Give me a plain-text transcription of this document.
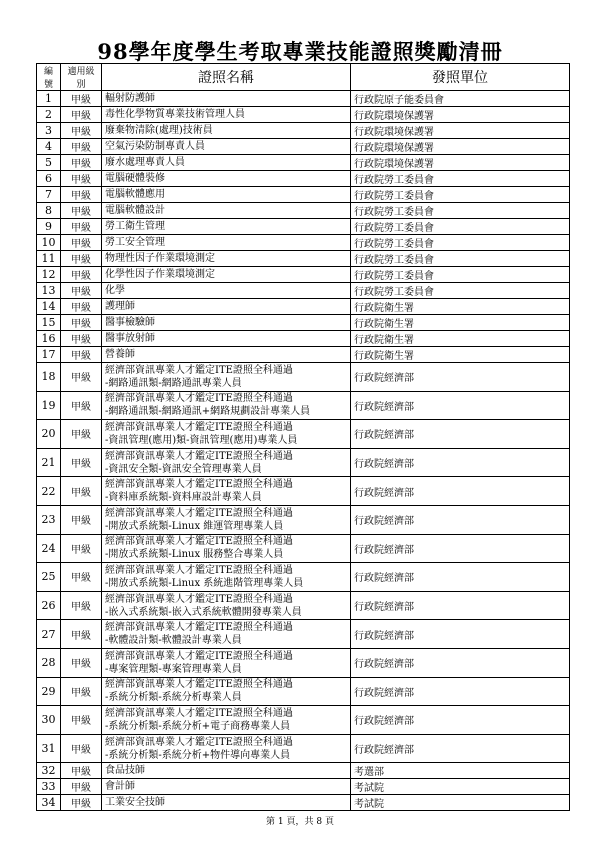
98學年度學生考取專業技能證照獎勵清冊
編號	適用級別	證照名稱	發照單位
1	甲級	輻射防護師	行政院原子能委員會
2	甲級	毒性化學物質專業技術管理人員	行政院環境保護署
3	甲級	廢棄物清除(處理)技術員	行政院環境保護署
4	甲級	空氣污染防制專責人員	行政院環境保護署
5	甲級	廢水處理專責人員	行政院環境保護署
6	甲級	電腦硬體裝修	行政院勞工委員會
7	甲級	電腦軟體應用	行政院勞工委員會
8	甲級	電腦軟體設計	行政院勞工委員會
9	甲級	勞工衛生管理	行政院勞工委員會
10	甲級	勞工安全管理	行政院勞工委員會
11	甲級	物理性因子作業環境測定	行政院勞工委員會
12	甲級	化學性因子作業環境測定	行政院勞工委員會
13	甲級	化學	行政院勞工委員會
14	甲級	護理師	行政院衛生署
15	甲級	醫事檢驗師	行政院衛生署
16	甲級	醫事放射師	行政院衛生署
17	甲級	營養師	行政院衛生署
18	甲級	經濟部資訊專業人才鑑定ITE證照全科通過
-網路通訊類-網路通訊專業人員	行政院經濟部
19	甲級	經濟部資訊專業人才鑑定ITE證照全科通過
-網路通訊類-網路通訊+網路規劃設計專業人員	行政院經濟部
20	甲級	經濟部資訊專業人才鑑定ITE證照全科通過
-資訊管理(應用)類-資訊管理(應用)專業人員	行政院經濟部
21	甲級	經濟部資訊專業人才鑑定ITE證照全科通過
-資訊安全類-資訊安全管理專業人員	行政院經濟部
22	甲級	經濟部資訊專業人才鑑定ITE證照全科通過
-資料庫系統類-資料庫設計專業人員	行政院經濟部
23	甲級	經濟部資訊專業人才鑑定ITE證照全科通過
-開放式系統類-Linux 維運管理專業人員	行政院經濟部
24	甲級	經濟部資訊專業人才鑑定ITE證照全科通過
-開放式系統類-Linux 服務整合專業人員	行政院經濟部
25	甲級	經濟部資訊專業人才鑑定ITE證照全科通過
-開放式系統類-Linux 系統進階管理專業人員	行政院經濟部
26	甲級	經濟部資訊專業人才鑑定ITE證照全科通過
-嵌入式系統類-嵌入式系統軟體開發專業人員	行政院經濟部
27	甲級	經濟部資訊專業人才鑑定ITE證照全科通過
-軟體設計類-軟體設計專業人員	行政院經濟部
28	甲級	經濟部資訊專業人才鑑定ITE證照全科通過
-專案管理類-專案管理專業人員	行政院經濟部
29	甲級	經濟部資訊專業人才鑑定ITE證照全科通過
-系統分析類-系統分析專業人員	行政院經濟部
30	甲級	經濟部資訊專業人才鑑定ITE證照全科通過
-系統分析類-系統分析+電子商務專業人員	行政院經濟部
31	甲級	經濟部資訊專業人才鑑定ITE證照全科通過
-系統分析類-系統分析+物件導向專業人員	行政院經濟部
32	甲級	食品技師	考選部
33	甲級	會計師	考試院
34	甲級	工業安全技師	考試院
第 1 頁，共 8 頁
